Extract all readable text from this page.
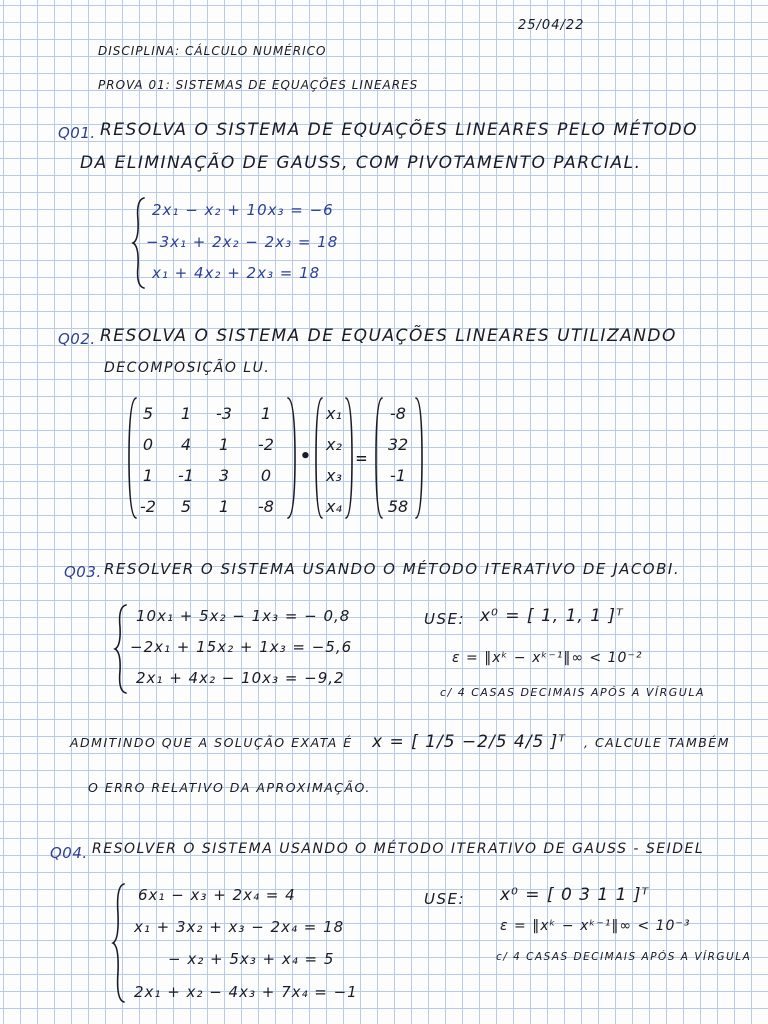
25/04/22
DISCIPLINA: CÁLCULO NUMÉRICO
PROVA 01: SISTEMAS DE EQUAÇÕES LINEARES
Q01. RESOLVA O SISTEMA DE EQUAÇÕES LINEARES PELO MÉTODO
DA ELIMINAÇÃO DE GAUSS, COM PIVOTAMENTO PARCIAL.
2x₁ − x₂ + 10x₃ = −6
−3x₁ + 2x₂ − 2x₃ = 18
x₁ + 4x₂ + 2x₃ = 18
Q02. RESOLVA O SISTEMA DE EQUAÇÕES LINEARES UTILIZANDO
DECOMPOSIÇÃO LU.
5	1	-3	1
0	4	1	-2
1	-1	3	0
-2	5	1	-8
•
x₁
x₂
x₃
x₄
=
-8
32
-1
58
Q03. RESOLVER O SISTEMA USANDO O MÉTODO ITERATIVO DE JACOBI.
10x₁ + 5x₂ − 1x₃ = − 0,8
−2x₁ + 15x₂ + 1x₃ = −5,6
2x₁ + 4x₂ − 10x₃ = −9,2
USE: x⁰ = [ 1, 1, 1 ]ᵀ
ε = ‖xᵏ − xᵏ⁻¹‖∞ < 10⁻²
c/ 4 CASAS DECIMAIS APÓS A VÍRGULA
ADMITINDO QUE A SOLUÇÃO EXATA É x = [ 1/5 −2/5 4/5 ]ᵀ , CALCULE TAMBÉM
O ERRO RELATIVO DA APROXIMAÇÃO.
Q04. RESOLVER O SISTEMA USANDO O MÉTODO ITERATIVO DE GAUSS - SEIDEL
6x₁ − x₃ + 2x₄ = 4
x₁ + 3x₂ + x₃ − 2x₄ = 18
− x₂ + 5x₃ + x₄ = 5
2x₁ + x₂ − 4x₃ + 7x₄ = −1
USE: x⁰ = [ 0 3 1 1 ]ᵀ
ε = ‖xᵏ − xᵏ⁻¹‖∞ < 10⁻³
c/ 4 CASAS DECIMAIS APÓS A VÍRGULA
